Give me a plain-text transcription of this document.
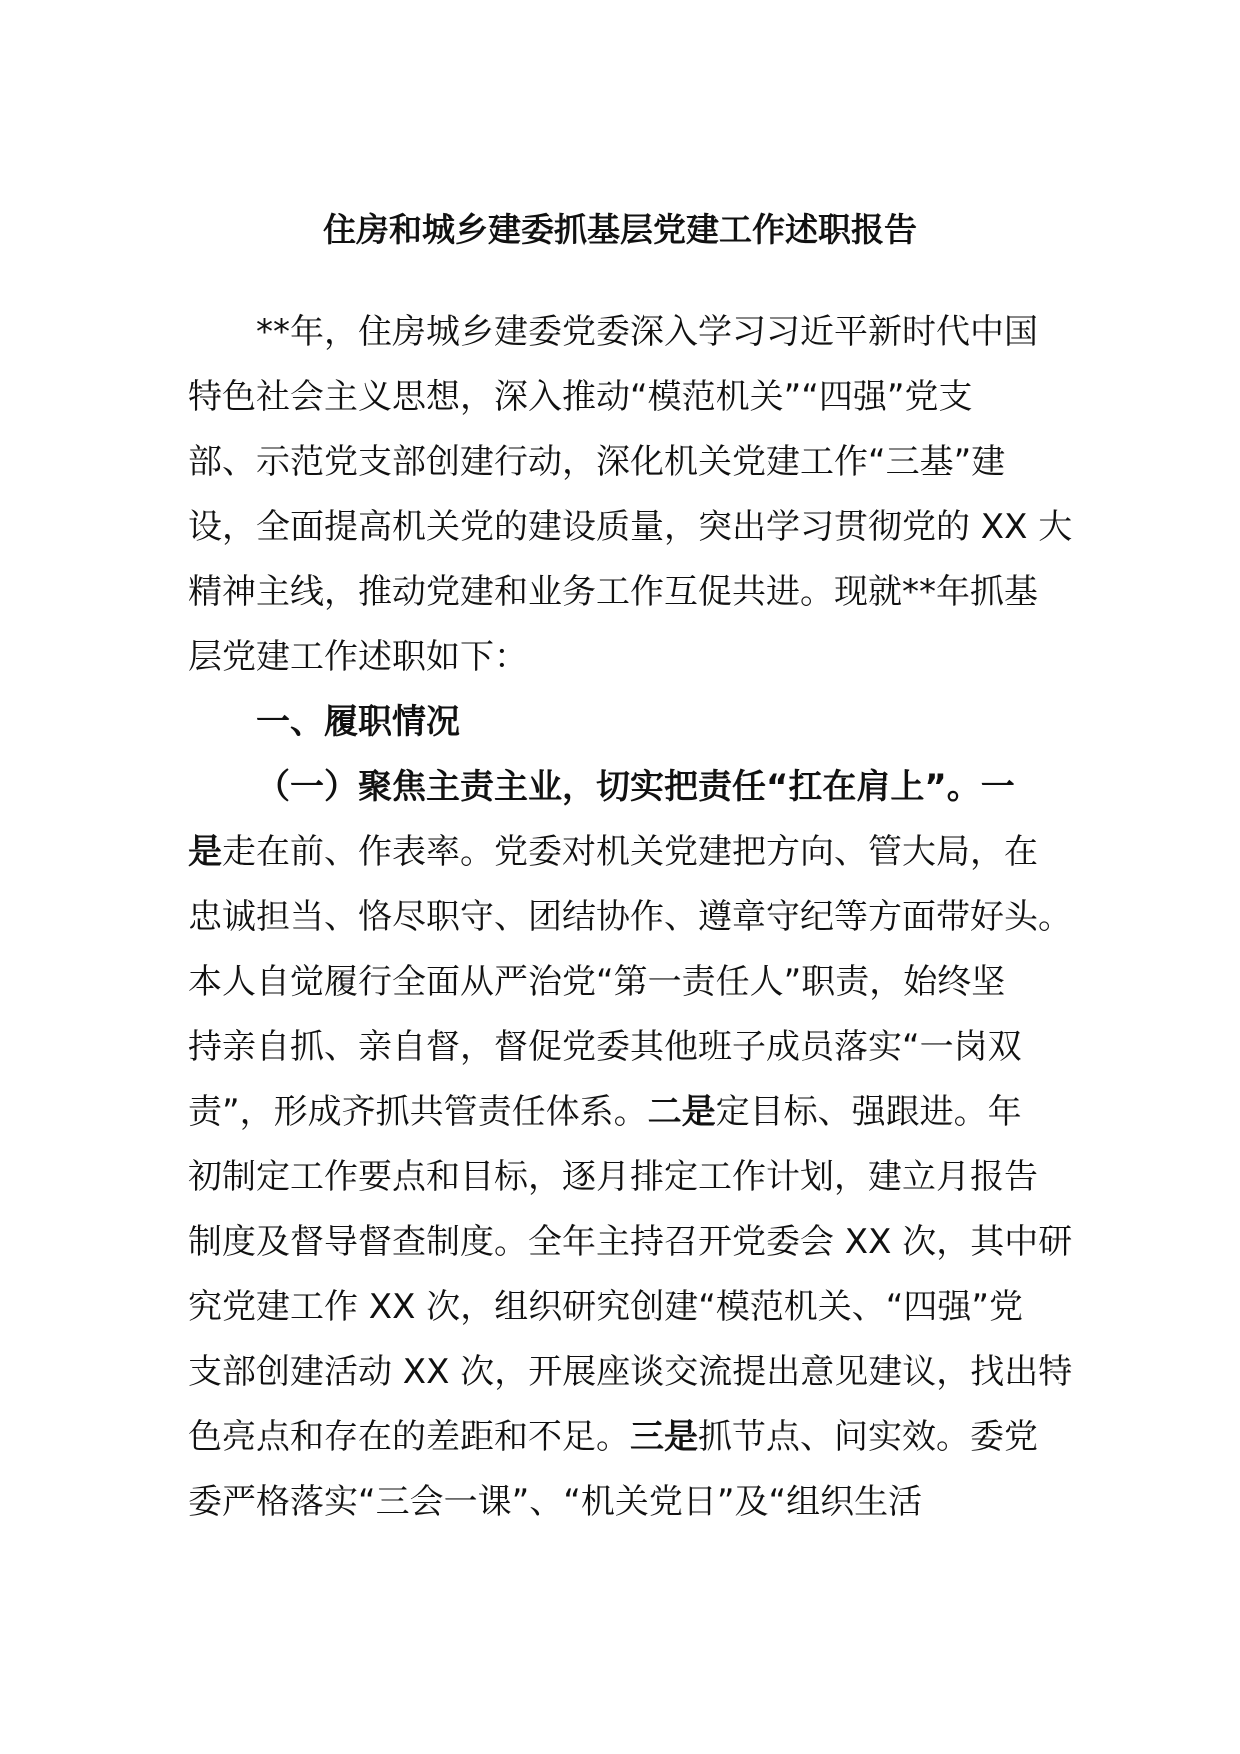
住房和城乡建委抓基层党建工作述职报告
**年，住房城乡建委党委深入学习习近平新时代中国
特色社会主义思想，深入推动“模范机关”“四强”党支
部、示范党支部创建行动，深化机关党建工作“三基”建
设，全面提高机关党的建设质量，突出学习贯彻党的 XX 大
精神主线，推动党建和业务工作互促共进。现就**年抓基
层党建工作述职如下：
一、履职情况
（一）聚焦主责主业，切实把责任“扛在肩上”。一
是走在前、作表率。党委对机关党建把方向、管大局，在
忠诚担当、恪尽职守、团结协作、遵章守纪等方面带好头。
本人自觉履行全面从严治党“第一责任人”职责，始终坚
持亲自抓、亲自督，督促党委其他班子成员落实“一岗双
责”，形成齐抓共管责任体系。二是定目标、强跟进。年
初制定工作要点和目标，逐月排定工作计划，建立月报告
制度及督导督查制度。全年主持召开党委会 XX 次，其中研
究党建工作 XX 次，组织研究创建“模范机关、“四强”党
支部创建活动 XX 次，开展座谈交流提出意见建议，找出特
色亮点和存在的差距和不足。三是抓节点、问实效。委党
委严格落实“三会一课”、“机关党日”及“组织生活
